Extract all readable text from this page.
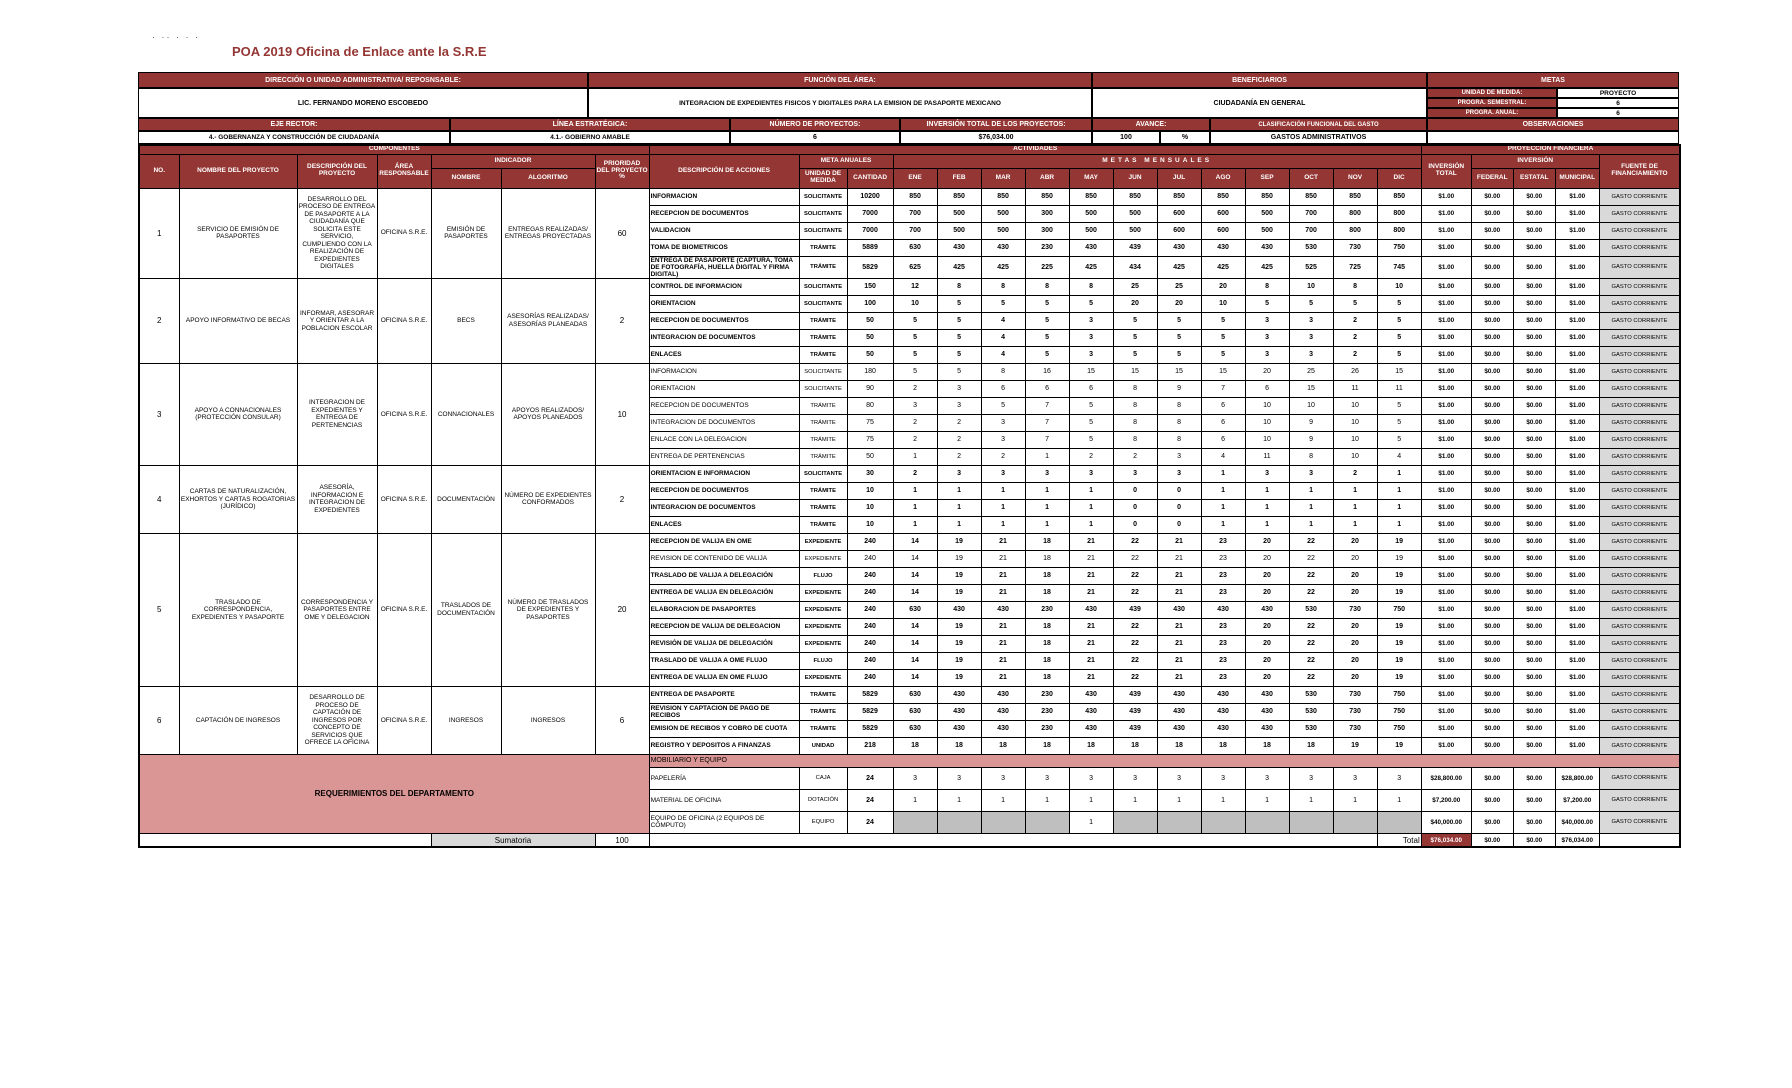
· ·· · · ·
POA 2019 Oficina de Enlace ante la S.R.E
DIRECCIÓN O UNIDAD ADMINISTRATIVA/ REPOSNSABLE:
LIC. FERNANDO MORENO ESCOBEDO
FUNCIÓN DEL ÁREA:
INTEGRACION DE EXPEDIENTES FISICOS Y DIGITALES PARA LA EMISION DE PASAPORTE MEXICANO
BENEFICIARIOS
CIUDADANÍA EN GENERAL
METAS
UNIDAD DE MEDIDA:	PROYECTO
PROGRA. SEMESTRAL:	6
PROGRA. ANUAL:	6
EJE RECTOR:
4.- GOBERNANZA Y CONSTRUCCIÓN DE CIUDADANÍA
LÍNEA ESTRATÉGICA:
4.1.- GOBIERNO AMABLE
NÚMERO DE PROYECTOS:
6
INVERSIÓN TOTAL DE LOS PROYECTOS:
$76,034.00
AVANCE:
100	%
CLASIFICACIÓN FUNCIONAL DEL GASTO
GASTOS ADMINISTRATIVOS
OBSERVACIONES
COMPONENTES							ACTIVIDADES															PROYECCIÓN FINANCIERA				
NO.	NOMBRE DEL PROYECTO	DESCRIPCIÓN DEL PROYECTO	ÁREA RESPONSABLE	INDICADOR		PRIORIDAD DEL PROYECTO %	DESCRIPCIÓN DE ACCIONES	META ANUALES		METAS MENSUALES												INVERSIÓN TOTAL	INVERSIÓN			FUENTE DE FINANCIAMIENTO
				NOMBRE	ALGORITMO			UNIDAD DE MEDIDA	CANTIDAD	ENE	FEB	MAR	ABR	MAY	JUN	JUL	AGO	SEP	OCT	NOV	DIC		FEDERAL	ESTATAL	MUNICIPAL	
1	SERVICIO DE EMISIÓN DE PASAPORTES	DESARROLLO DEL PROCESO DE ENTREGA DE PASAPORTE A LA CIUDADANÍA QUE SOLICITA ESTE SERVICIO, CUMPLIENDO CON LA REALIZACIÓN DE EXPEDIENTES DIGITALES	OFICINA S.R.E.	EMISIÓN DE PASAPORTES	ENTREGAS REALIZADAS/ ENTREGAS PROYECTADAS	60	INFORMACION	SOLICITANTE	10200	850	850	850	850	850	850	850	850	850	850	850	850	$1.00	$0.00	$0.00	$1.00	GASTO CORRIENTE
							RECEPCION DE DOCUMENTOS	SOLICITANTE	7000	700	500	500	300	500	500	600	600	500	700	800	800	$1.00	$0.00	$0.00	$1.00	GASTO CORRIENTE
							VALIDACION	SOLICITANTE	7000	700	500	500	300	500	500	600	600	500	700	800	800	$1.00	$0.00	$0.00	$1.00	GASTO CORRIENTE
							TOMA DE BIOMETRICOS	TRÁMITE	5889	630	430	430	230	430	439	430	430	430	530	730	750	$1.00	$0.00	$0.00	$1.00	GASTO CORRIENTE
							ENTREGA DE PASAPORTE (CAPTURA, TOMA DE FOTOGRAFÍA, HUELLA DIGITAL Y FIRMA DIGITAL)	TRÁMITE	5829	625	425	425	225	425	434	425	425	425	525	725	745	$1.00	$0.00	$0.00	$1.00	GASTO CORRIENTE
2	APOYO INFORMATIVO DE BECAS	INFORMAR, ASESORAR Y ORIENTAR A LA POBLACION ESCOLAR	OFICINA S.R.E.	BECS	ASESORÍAS REALIZADAS/ ASESORÍAS PLANEADAS	2	CONTROL DE INFORMACION	SOLICITANTE	150	12	8	8	8	8	25	25	20	8	10	8	10	$1.00	$0.00	$0.00	$1.00	GASTO CORRIENTE
							ORIENTACION	SOLICITANTE	100	10	5	5	5	5	20	20	10	5	5	5	5	$1.00	$0.00	$0.00	$1.00	GASTO CORRIENTE
							RECEPCION DE DOCUMENTOS	TRÁMITE	50	5	5	4	5	3	5	5	5	3	3	2	5	$1.00	$0.00	$0.00	$1.00	GASTO CORRIENTE
							INTEGRACION DE DOCUMENTOS	TRÁMITE	50	5	5	4	5	3	5	5	5	3	3	2	5	$1.00	$0.00	$0.00	$1.00	GASTO CORRIENTE
							ENLACES	TRÁMITE	50	5	5	4	5	3	5	5	5	3	3	2	5	$1.00	$0.00	$0.00	$1.00	GASTO CORRIENTE
3	APOYO A CONNACIONALES (PROTECCIÓN CONSULAR)	INTEGRACION DE EXPEDIENTES Y ENTREGA DE PERTENENCIAS	OFICINA S.R.E.	CONNACIONALES	APOYOS REALIZADOS/ APOYOS PLANEADOS	10	INFORMACION	SOLICITANTE	180	5	5	8	16	15	15	15	15	20	25	26	15	$1.00	$0.00	$0.00	$1.00	GASTO CORRIENTE
							ORIENTACION	SOLICITANTE	90	2	3	6	6	6	8	9	7	6	15	11	11	$1.00	$0.00	$0.00	$1.00	GASTO CORRIENTE
							RECEPCION DE DOCUMENTOS	TRÁMITE	80	3	3	5	7	5	8	8	6	10	10	10	5	$1.00	$0.00	$0.00	$1.00	GASTO CORRIENTE
							INTEGRACION DE DOCUMENTOS	TRÁMITE	75	2	2	3	7	5	8	8	6	10	9	10	5	$1.00	$0.00	$0.00	$1.00	GASTO CORRIENTE
							ENLACE CON LA DELEGACION	TRÁMITE	75	2	2	3	7	5	8	8	6	10	9	10	5	$1.00	$0.00	$0.00	$1.00	GASTO CORRIENTE
							ENTREGA DE PERTENENCIAS	TRÁMITE	50	1	2	2	1	2	2	3	4	11	8	10	4	$1.00	$0.00	$0.00	$1.00	GASTO CORRIENTE
4	CARTAS DE NATURALIZACIÓN, EXHORTOS Y CARTAS ROGATORIAS (JURÍDICO)	ASESORÍA, INFORMACION E INTEGRACION DE EXPEDIENTES	OFICINA S.R.E.	DOCUMENTACIÓN	NÚMERO DE EXPEDIENTES CONFORMADOS	2	ORIENTACION E INFORMACION	SOLICITANTE	30	2	3	3	3	3	3	3	1	3	3	2	1	$1.00	$0.00	$0.00	$1.00	GASTO CORRIENTE
							RECEPCION DE DOCUMENTOS	TRÁMITE	10	1	1	1	1	1	0	0	1	1	1	1	1	$1.00	$0.00	$0.00	$1.00	GASTO CORRIENTE
							INTEGRACION DE DOCUMENTOS	TRÁMITE	10	1	1	1	1	1	0	0	1	1	1	1	1	$1.00	$0.00	$0.00	$1.00	GASTO CORRIENTE
							ENLACES	TRÁMITE	10	1	1	1	1	1	0	0	1	1	1	1	1	$1.00	$0.00	$0.00	$1.00	GASTO CORRIENTE
5	TRASLADO DE CORRESPONDENCIA, EXPEDIENTES Y PASAPORTE	CORRESPONDENCIA Y PASAPORTES ENTRE OME Y DELEGACION	OFICINA S.R.E.	TRASLADOS DE DOCUMENTACIÓN	NÚMERO DE TRASLADOS DE EXPEDIENTES Y PASAPORTES	20	RECEPCION DE VALIJA EN OME	EXPEDIENTE	240	14	19	21	18	21	22	21	23	20	22	20	19	$1.00	$0.00	$0.00	$1.00	GASTO CORRIENTE
							REVISION DE CONTENIDO DE VALIJA	EXPEDIENTE	240	14	19	21	18	21	22	21	23	20	22	20	19	$1.00	$0.00	$0.00	$1.00	GASTO CORRIENTE
							TRASLADO DE VALIJA A DELEGACIÓN	FLUJO	240	14	19	21	18	21	22	21	23	20	22	20	19	$1.00	$0.00	$0.00	$1.00	GASTO CORRIENTE
							ENTREGA DE VALIJA EN DELEGACIÓN	EXPEDIENTE	240	14	19	21	18	21	22	21	23	20	22	20	19	$1.00	$0.00	$0.00	$1.00	GASTO CORRIENTE
							ELABORACION DE PASAPORTES	EXPEDIENTE	240	630	430	430	230	430	439	430	430	430	530	730	750	$1.00	$0.00	$0.00	$1.00	GASTO CORRIENTE
							RECEPCION DE VALIJA DE DELEGACION	EXPEDIENTE	240	14	19	21	18	21	22	21	23	20	22	20	19	$1.00	$0.00	$0.00	$1.00	GASTO CORRIENTE
							REVISIÓN DE VALIJA DE DELEGACIÓN	EXPEDIENTE	240	14	19	21	18	21	22	21	23	20	22	20	19	$1.00	$0.00	$0.00	$1.00	GASTO CORRIENTE
							TRASLADO DE VALIJA A OME FLUJO	FLUJO	240	14	19	21	18	21	22	21	23	20	22	20	19	$1.00	$0.00	$0.00	$1.00	GASTO CORRIENTE
							ENTREGA DE VALIJA EN OME FLUJO	EXPEDIENTE	240	14	19	21	18	21	22	21	23	20	22	20	19	$1.00	$0.00	$0.00	$1.00	GASTO CORRIENTE
6	CAPTACIÓN DE INGRESOS	DESARROLLO DE PROCESO DE CAPTACIÓN DE INGRESOS POR CONCEPTO DE SERVICIOS QUE OFRECE LA OFICINA	OFICINA S.R.E.	INGRESOS	INGRESOS	6	ENTREGA DE PASAPORTE	TRÁMITE	5829	630	430	430	230	430	439	430	430	430	530	730	750	$1.00	$0.00	$0.00	$1.00	GASTO CORRIENTE
							REVISION Y CAPTACION DE PAGO DE RECIBOS	TRÁMITE	5829	630	430	430	230	430	439	430	430	430	530	730	750	$1.00	$0.00	$0.00	$1.00	GASTO CORRIENTE
							EMISION DE RECIBOS Y COBRO DE CUOTA	TRÁMITE	5829	630	430	430	230	430	439	430	430	430	530	730	750	$1.00	$0.00	$0.00	$1.00	GASTO CORRIENTE
							REGISTRO Y DEPOSITOS A FINANZAS	UNIDAD	218	18	18	18	18	18	18	18	18	18	18	19	19	$1.00	$0.00	$0.00	$1.00	GASTO CORRIENTE
REQUERIMIENTOS DEL DEPARTAMENTO							MOBILIARIO Y EQUIPO																			
							PAPELERÍA	CAJA	24	3	3	3	3	3	3	3	3	3	3	3	3	$28,800.00	$0.00	$0.00	$28,800.00	GASTO CORRIENTE
							MATERIAL DE OFICINA	DOTACIÓN	24	1	1	1	1	1	1	1	1	1	1	1	1	$7,200.00	$0.00	$0.00	$7,200.00	GASTO CORRIENTE
							EQUIPO DE OFICINA (2 EQUIPOS DE CÓMPUTO)	EQUIPO	24					1								$40,000.00	$0.00	$0.00	$40,000.00	GASTO CORRIENTE
				Sumatoria		100															Total	$76,034.00	$0.00	$0.00	$76,034.00	
